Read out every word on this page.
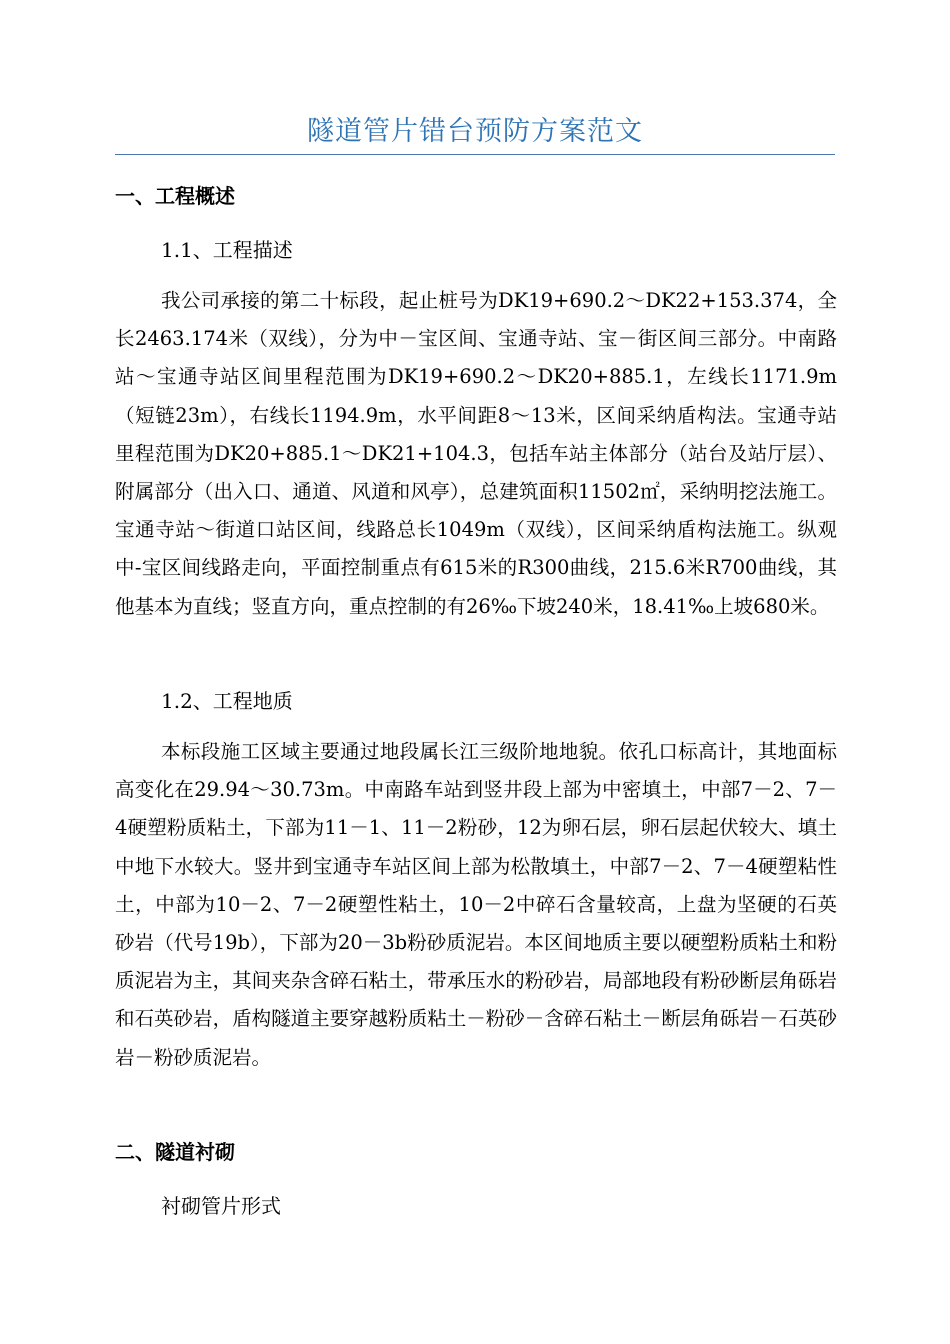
隧道管片错台预防方案范文
一、工程概述
1.1、工程描述

我公司承接的第二十标段，起止桩号为DK19+690.2～DK22+153.374，全长2463.174米（双线），分为中－宝区间、宝通寺站、宝－街区间三部分。中南路站～宝通寺站区间里程范围为DK19+690.2～DK20+885.1，左线长1171.9m（短链23m），右线长1194.9m，水平间距8～13米，区间采纳盾构法。宝通寺站里程范围为DK20+885.1～DK21+104.3，包括车站主体部分（站台及站厅层）、附属部分（出入口、通道、风道和风亭），总建筑面积11502㎡，采纳明挖法施工。宝通寺站～街道口站区间，线路总长1049m（双线），区间采纳盾构法施工。纵观中-宝区间线路走向，平面控制重点有615米的R300曲线，215.6米R700曲线，其他基本为直线；竖直方向，重点控制的有26‰下坡240米，18.41‰上坡680米。

1.2、工程地质

本标段施工区域主要通过地段属长江三级阶地地貌。依孔口标高计，其地面标高变化在29.94～30.73m。中南路车站到竖井段上部为中密填土，中部7－2、7－4硬塑粉质粘土，下部为11－1、11－2粉砂，12为卵石层，卵石层起伏较大、填土中地下水较大。竖井到宝通寺车站区间上部为松散填土，中部7－2、7－4硬塑粘性土，中部为10－2、7－2硬塑性粘土，10－2中碎石含量较高，上盘为坚硬的石英砂岩（代号19b），下部为20－3b粉砂质泥岩。本区间地质主要以硬塑粉质粘土和粉质泥岩为主，其间夹杂含碎石粘土，带承压水的粉砂岩，局部地段有粉砂断层角砾岩和石英砂岩，盾构隧道主要穿越粉质粘土－粉砂－含碎石粘土－断层角砾岩－石英砂岩－粉砂质泥岩。

二、隧道衬砌
衬砌管片形式
